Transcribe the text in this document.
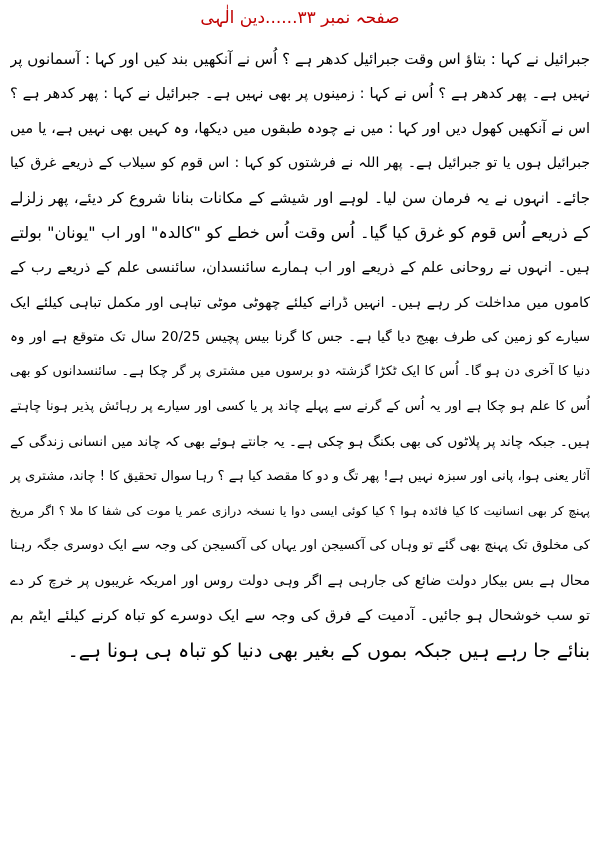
صفحہ نمبر ۳۳......دین الٰہی
جبرائیل نے کہا : بتاؤ اس وقت جبرائیل کدھر ہے ؟ اُس نے آنکھیں بند کیں اور کہا : آسمانوں پر
نہیں ہے۔ پھر کدھر ہے ؟ اُس نے کہا : زمینوں پر بھی نہیں ہے۔ جبرائیل نے کہا : پھر کدھر ہے ؟
اس نے آنکھیں کھول دیں اور کہا : میں نے چودہ طبقوں میں دیکھا، وہ کہیں بھی نہیں ہے، یا میں
جبرائیل ہوں یا تو جبرائیل ہے۔ پھر اللہ نے فرشتوں کو کہا : اس قوم کو سیلاب کے ذریعے غرق کیا
جائے۔ انہوں نے یہ فرمان سن لیا۔ لوہے اور شیشے کے مکانات بنانا شروع کر دیئے، پھر زلزلے
کے ذریعے اُس قوم کو غرق کیا گیا۔ اُس وقت اُس خطے کو "کالدہ" اور اب "یونان" بولتے
ہیں۔ انہوں نے روحانی علم کے ذریعے اور اب ہمارے سائنسدان، سائنسی علم کے ذریعے رب کے
کاموں میں مداخلت کر رہے ہیں۔ انہیں ڈرانے کیلئے چھوٹی موٹی تباہی اور مکمل تباہی کیلئے ایک
سیارے کو زمین کی طرف بھیج دیا گیا ہے۔ جس کا گرنا بیس پچیس 20/25 سال تک متوقع ہے اور وہ
دنیا کا آخری دن ہو گا۔ اُس کا ایک ٹکڑا گزشتہ دو برسوں میں مشتری پر گر چکا ہے۔ سائنسدانوں کو بھی
اُس کا علم ہو چکا ہے اور یہ اُس کے گرنے سے پہلے چاند پر یا کسی اور سیارے پر رہائش پذیر ہونا چاہتے
ہیں۔ جبکہ چاند پر پلاٹوں کی بھی بکنگ ہو چکی ہے۔ یہ جانتے ہوئے بھی کہ چاند میں انسانی زندگی کے
آثار یعنی ہوا، پانی اور سبزہ نہیں ہے! پھر تگ و دو کا مقصد کیا ہے ؟ رہا سوال تحقیق کا ! چاند، مشتری پر
پہنچ کر بھی انسانیت کا کیا فائدہ ہوا ؟ کیا کوئی ایسی دوا یا نسخہ درازی عمر یا موت کی شفا کا ملا ؟ اگر مریخ
کی مخلوق تک پہنچ بھی گئے تو وہاں کی آکسیجن اور یہاں کی آکسیجن کی وجہ سے ایک دوسری جگہ رہنا
محال ہے بس بیکار دولت ضائع کی جارہی ہے اگر وہی دولت روس اور امریکہ غریبوں پر خرچ کر دے
تو سب خوشحال ہو جائیں۔ آدمیت کے فرق کی وجہ سے ایک دوسرے کو تباہ کرنے کیلئے ایٹم بم
بنائے جا رہے ہیں جبکہ بموں کے بغیر بھی دنیا کو تباہ ہی ہونا ہے۔
